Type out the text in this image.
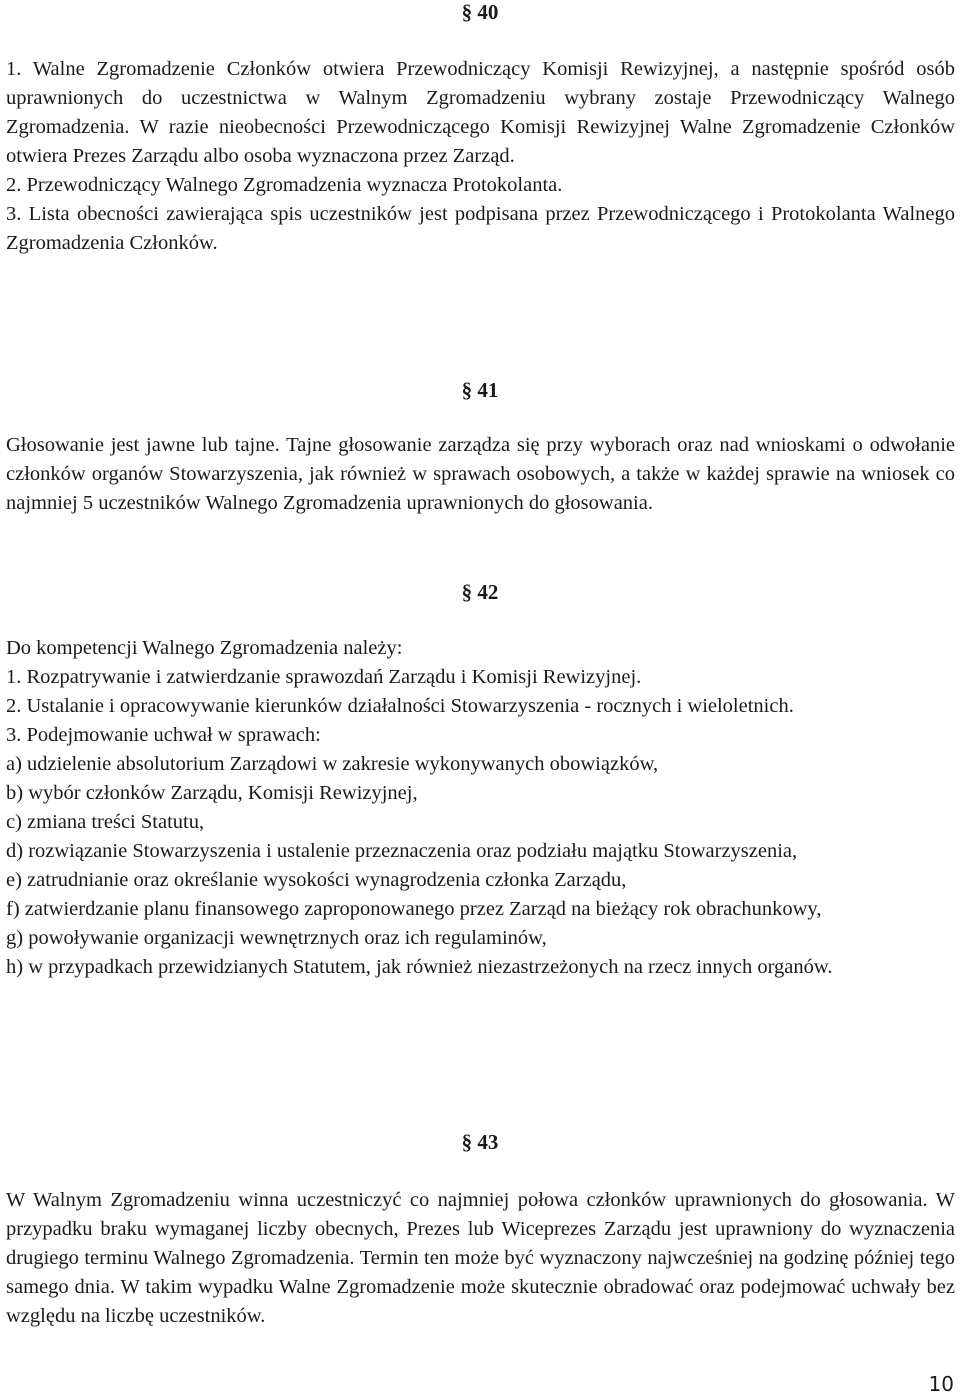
§ 40

1. Walne Zgromadzenie Członków otwiera Przewodniczący Komisji Rewizyjnej, a następnie spośród osób uprawnionych do uczestnictwa w Walnym Zgromadzeniu wybrany zostaje Przewodniczący Walnego Zgromadzenia. W razie nieobecności Przewodniczącego Komisji Rewizyjnej Walne Zgromadzenie Członków otwiera Prezes Zarządu albo osoba wyznaczona przez Zarząd.

2. Przewodniczący Walnego Zgromadzenia wyznacza Protokolanta.

3. Lista obecności zawierająca spis uczestników jest podpisana przez Przewodniczącego i Protokolanta Walnego Zgromadzenia Członków.

§ 41

Głosowanie jest jawne lub tajne. Tajne głosowanie zarządza się przy wyborach oraz nad wnioskami o odwołanie członków organów Stowarzyszenia, jak również w sprawach osobowych, a także w każdej sprawie na wniosek co najmniej 5 uczestników Walnego Zgromadzenia uprawnionych do głosowania.

§ 42

Do kompetencji Walnego Zgromadzenia należy:

1. Rozpatrywanie i zatwierdzanie sprawozdań Zarządu i Komisji Rewizyjnej.

2. Ustalanie i opracowywanie kierunków działalności Stowarzyszenia - rocznych i wieloletnich.

3. Podejmowanie uchwał w sprawach:

a) udzielenie absolutorium Zarządowi w zakresie wykonywanych obowiązków,

b) wybór członków Zarządu, Komisji Rewizyjnej,

c) zmiana treści Statutu,

d) rozwiązanie Stowarzyszenia i ustalenie przeznaczenia oraz podziału majątku Stowarzyszenia,

e) zatrudnianie oraz określanie wysokości wynagrodzenia członka Zarządu,

f) zatwierdzanie planu finansowego zaproponowanego przez Zarząd na bieżący rok obrachunkowy,

g) powoływanie organizacji wewnętrznych oraz ich regulaminów,

h) w przypadkach przewidzianych Statutem, jak również niezastrzeżonych na rzecz innych organów.

§ 43

W Walnym Zgromadzeniu winna uczestniczyć co najmniej połowa członków uprawnionych do głosowania. W przypadku braku wymaganej liczby obecnych, Prezes lub Wiceprezes Zarządu jest uprawniony do wyznaczenia drugiego terminu Walnego Zgromadzenia. Termin ten może być wyznaczony najwcześniej na godzinę później tego samego dnia. W takim wypadku Walne Zgromadzenie może skutecznie obradować oraz podejmować uchwały bez względu na liczbę uczestników.

10
